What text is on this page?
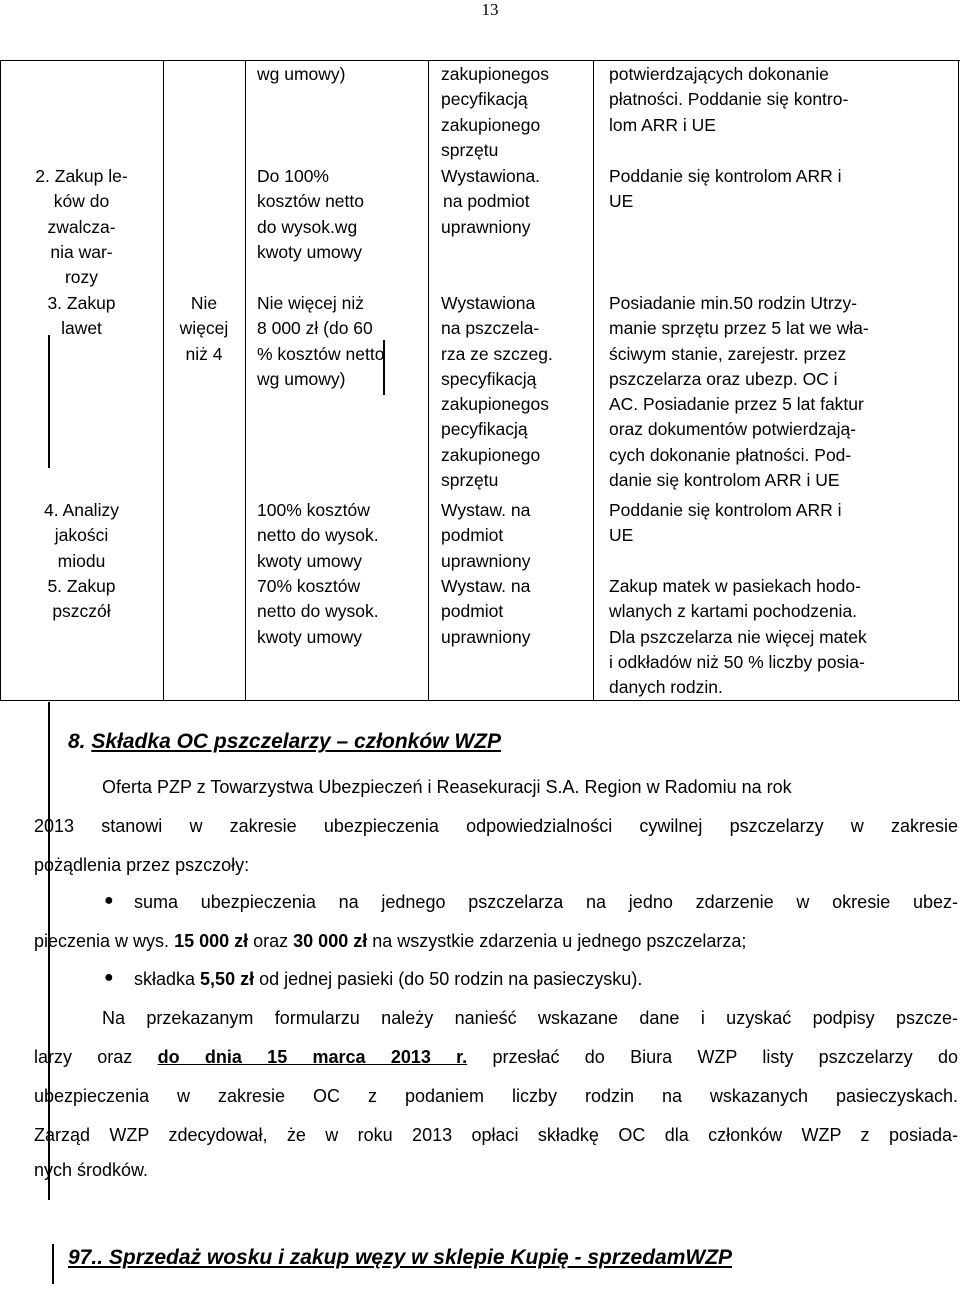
13
2. Zakup le-
ków do
zwalcza-
nia war-
rozy
3. Zakup
lawet
4. Analizy
jakości
miodu
5. Zakup
pszczół
Nie
więcej
niż 4
wg umowy)
Do 100%
kosztów netto
do wysok.wg
kwoty umowy
Nie więcej niż
8 000 zł (do 60
% kosztów netto
wg umowy)
100% kosztów
netto do wysok.
kwoty umowy
70% kosztów
netto do wysok.
kwoty umowy
zakupionegos
pecyfikacją
zakupionego
sprzętu
Wystawiona.
na podmiot
uprawniony
Wystawiona
na pszczela-
rza ze szczeg.
specyfikacją
zakupionegos
pecyfikacją
zakupionego
sprzętu
Wystaw. na
podmiot
uprawniony
Wystaw. na
podmiot
uprawniony
potwierdzających dokonanie
płatności. Poddanie się kontro-
lom ARR i UE
Poddanie się kontrolom ARR i
UE
Posiadanie min.50 rodzin Utrzy-
manie sprzętu przez 5 lat we wła-
ściwym stanie, zarejestr. przez
pszczelarza oraz ubezp. OC i
AC. Posiadanie przez 5 lat faktur
oraz dokumentów potwierdzają-
cych dokonanie płatności. Pod-
danie się kontrolom ARR i UE
Poddanie się kontrolom ARR i
UE
Zakup matek w pasiekach hodo-
wlanych z kartami pochodzenia.
Dla pszczelarza nie więcej matek
i odkładów niż 50 % liczby posia-
danych rodzin.
8. Składka OC pszczelarzy – członków WZP
Oferta PZP z Towarzystwa Ubezpieczeń i Reasekuracji S.A. Region w Radomiu na rok
2013 stanowi w zakresie ubezpieczenia odpowiedzialności cywilnej pszczelarzy w zakresie
pożądlenia przez pszczoły:
● suma ubezpieczenia na jednego pszczelarza na jedno zdarzenie w okresie ubez-
pieczenia w wys. 15 000 zł oraz 30 000 zł na wszystkie zdarzenia u jednego pszczelarza;
● składka 5,50 zł od jednej pasieki (do 50 rodzin na pasieczysku).
Na przekazanym formularzu należy nanieść wskazane dane i uzyskać podpisy pszcze-
larzy oraz do dnia 15 marca 2013 r. przesłać do Biura WZP listy pszczelarzy do
ubezpieczenia w zakresie OC z podaniem liczby rodzin na wskazanych pasieczyskach.
Zarząd WZP zdecydował, że w roku 2013 opłaci składkę OC dla członków WZP z posiada-
nych środków.
97.. Sprzedaż wosku i zakup węzy w sklepie Kupię - sprzedamWZP
